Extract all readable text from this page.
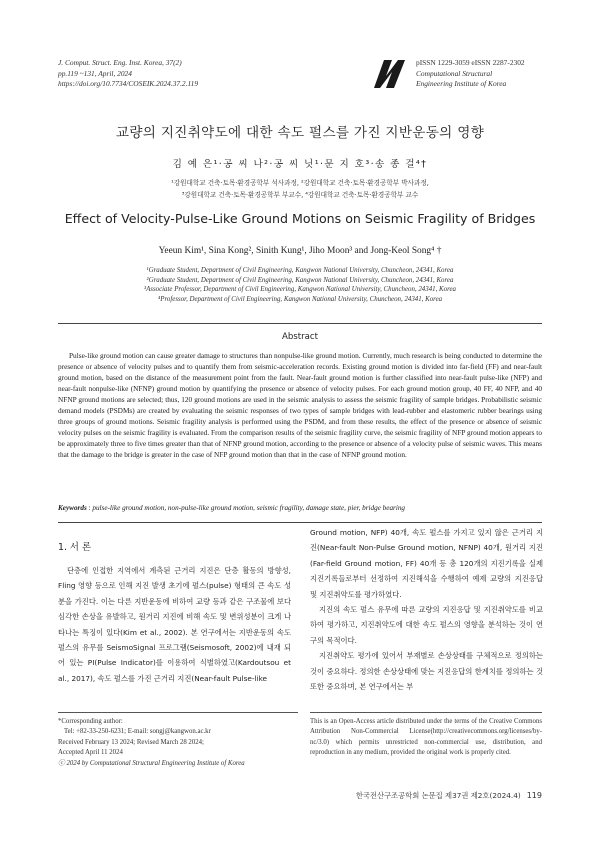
J. Comput. Struct. Eng. Inst. Korea, 37(2)
pp.119 ~131, April, 2024
https://doi.org/10.7734/COSEIK.2024.37.2.119
pISSN 1229-3059 eISSN 2287-2302
Computational Structural
Engineering Institute of Korea
교량의 지진취약도에 대한 속도 펄스를 가진 지반운동의 영향
김 예 은¹·공 씨 나²·공 씨 닛¹·문 지 호³·송 종 걸⁴†
¹강원대학교 건축·토목·환경공학부 석사과정, ²강원대학교 건축·토목·환경공학부 박사과정,
³강원대학교 건축·토목·환경공학부 부교수, ⁴강원대학교 건축·토목·환경공학부 교수
Effect of Velocity-Pulse-Like Ground Motions on Seismic Fragility of Bridges
Yeeun Kim¹, Sina Kong², Sinith Kung¹, Jiho Moon³ and Jong-Keol Song⁴ †
¹Graduate Student, Department of Civil Engineering, Kangwon National University, Chuncheon, 24341, Korea
²Graduate Student, Department of Civil Engineering, Kangwon National University, Chuncheon, 24341, Korea
³Associate Professor, Department of Civil Engineering, Kangwon National University, Chuncheon, 24341, Korea
⁴Professor, Department of Civil Engineering, Kangwon National University, Chuncheon, 24341, Korea
Abstract
Pulse-like ground motion can cause greater damage to structures than nonpulse-like ground motion. Currently, much research is being conducted to determine the presence or absence of velocity pulses and to quantify them from seismic-acceleration records. Existing ground motion is divided into far-field (FF) and near-fault ground motion, based on the distance of the measurement point from the fault. Near-fault ground motion is further classified into near-fault pulse-like (NFP) and near-fault nonpulse-like (NFNP) ground motion by quantifying the presence or absence of velocity pulses. For each ground motion group, 40 FF, 40 NFP, and 40 NFNP ground motions are selected; thus, 120 ground motions are used in the seismic analysis to assess the seismic fragility of sample bridges. Probabilistic seismic demand models (PSDMs) are created by evaluating the seismic responses of two types of sample bridges with lead-rubber and elastomeric rubber bearings using three groups of ground motions. Seismic fragility analysis is performed using the PSDM, and from these results, the effect of the presence or absence of seismic velocity pulses on the seismic fragility is evaluated. From the comparison results of the seismic fragility curve, the seismic fragility of NFP ground motion appears to be approximately three to five times greater than that of NFNP ground motion, according to the presence or absence of a velocity pulse of seismic waves. This means that the damage to the bridge is greater in the case of NFP ground motion than that in the case of NFNP ground motion.
Keywords : pulse-like ground motion, non-pulse-like ground motion, seismic fragility, damage state, pier, bridge bearing
1. 서 론

단층에 인접한 지역에서 계측된 근거리 지진은 단층 활동의 방향성, Fling 영향 등으로 인해 지진 발생 초기에 펄스(pulse) 형태의 큰 속도 성분을 가진다. 이는 다른 지반운동에 비하여 교량 등과 같은 구조물에 보다 심각한 손상을 유발하고, 원거리 지진에 비해 속도 및 변위성분이 크게 나타나는 특징이 있다(Kim et al., 2002). 본 연구에서는 지반운동의 속도 펄스의 유무를 SeismoSignal 프로그램(Seismosoft, 2002)에 내재 되어 있는 PI(Pulse Indicator)를 이용하여 식별하였고(Kardoutsou et al., 2017), 속도 펄스를 가진 근거리 지진(Near-fault Pulse-like

Ground motion, NFP) 40개, 속도 펄스를 가지고 있지 않은 근거리 지진(Near-fault Non-Pulse Ground motion, NFNP) 40개, 원거리 지진(Far-field Ground motion, FF) 40개 등 총 120개의 지진기록을 실제 지진기록들로부터 선정하여 지진해석을 수행하여 예제 교량의 지진응답 및 지진취약도를 평가하였다.

지진의 속도 펄스 유무에 따른 교량의 지진응답 및 지진취약도를 비교하여 평가하고, 지진취약도에 대한 속도 펄스의 영향을 분석하는 것이 연구의 목적이다.

지진취약도 평가에 있어서 부재별로 손상상태를 구체적으로 정의하는 것이 중요하다. 정의한 손상상태에 맞는 지진응답의 한계치를 정의하는 것 또한 중요하며, 본 연구에서는 부

*Corresponding author:
Tel: +82-33-250-6231; E-mail: songj@kangwon.ac.kr
Received February 13 2024; Revised March 28 2024;
Accepted April 11 2024
ⓒ 2024 by Computational Structural Engineering Institute of Korea
This is an Open-Access article distributed under the terms of the Creative Commons Attribution Non-Commercial License(http://creativecommons.org/licenses/by-nc/3.0) which permits unrestricted non-commercial use, distribution, and reproduction in any medium, provided the original work is properly cited.
한국전산구조공학회 논문집 제37권 제2호(2024.4) 119
